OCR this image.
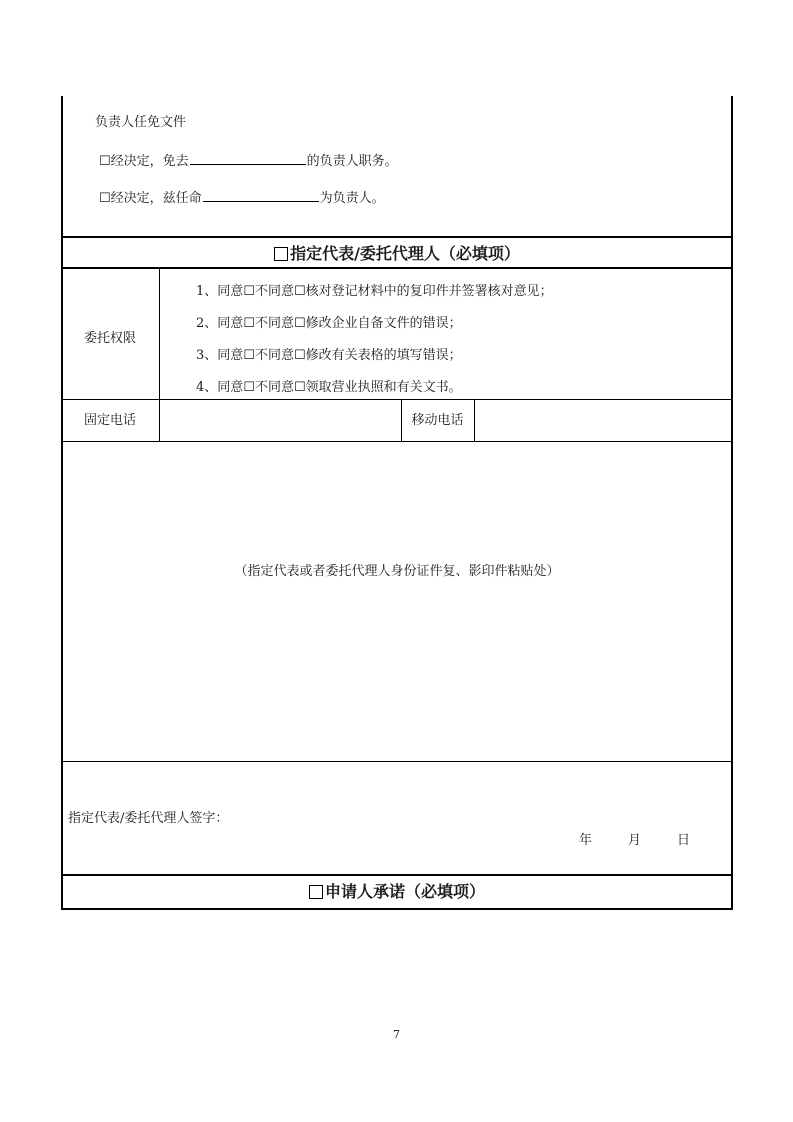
负责人任免文件
☐经决定，免去	的负责人职务。
☐经决定，兹任命	为负责人。
指定代表/委托代理人（必填项）
委托权限
1、同意☐不同意☐核对登记材料中的复印件并签署核对意见；
2、同意☐不同意☐修改企业自备文件的错误；
3、同意☐不同意☐修改有关表格的填写错误；
4、同意☐不同意☐领取营业执照和有关文书。
固定电话	移动电话
（指定代表或者委托代理人身份证件复、影印件粘贴处）
指定代表/委托代理人签字：
年	月	日
申请人承诺（必填项）
7
